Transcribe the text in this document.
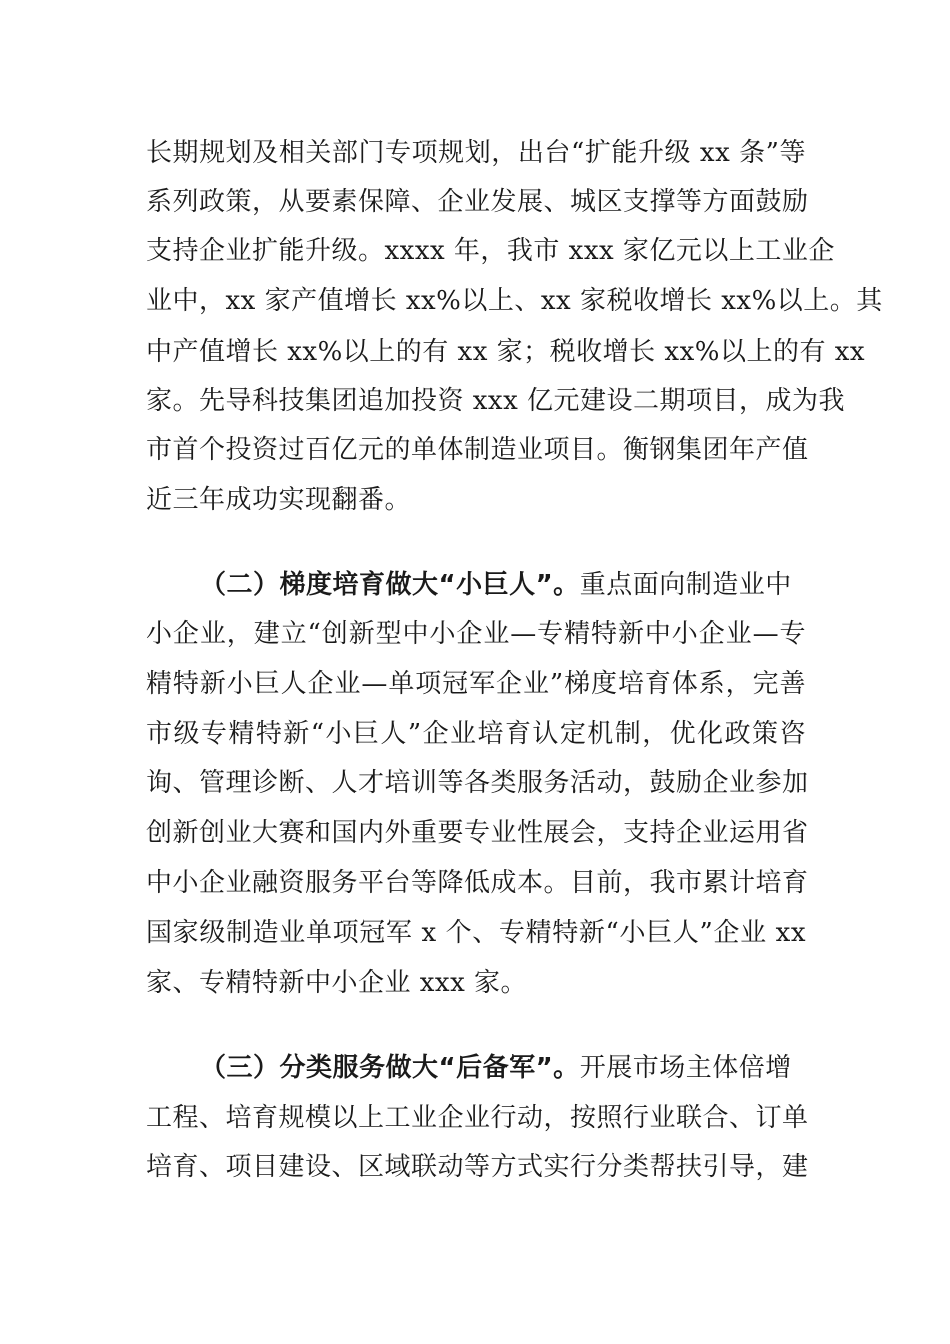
长期规划及相关部门专项规划，出台“扩能升级 xx 条”等
系列政策，从要素保障、企业发展、城区支撑等方面鼓励
支持企业扩能升级。xxxx 年，我市 xxx 家亿元以上工业企
业中，xx 家产值增长 xx%以上、xx 家税收增长 xx%以上。其
中产值增长 xx%以上的有 xx 家；税收增长 xx%以上的有 xx
家。先导科技集团追加投资 xxx 亿元建设二期项目，成为我
市首个投资过百亿元的单体制造业项目。衡钢集团年产值
近三年成功实现翻番。
（二）梯度培育做大“小巨人”。重点面向制造业中
小企业，建立“创新型中小企业—专精特新中小企业—专
精特新小巨人企业—单项冠军企业”梯度培育体系，完善
市级专精特新“小巨人”企业培育认定机制，优化政策咨
询、管理诊断、人才培训等各类服务活动，鼓励企业参加
创新创业大赛和国内外重要专业性展会，支持企业运用省
中小企业融资服务平台等降低成本。目前，我市累计培育
国家级制造业单项冠军 x 个、专精特新“小巨人”企业 xx
家、专精特新中小企业 xxx 家。
（三）分类服务做大“后备军”。开展市场主体倍增
工程、培育规模以上工业企业行动，按照行业联合、订单
培育、项目建设、区域联动等方式实行分类帮扶引导，建
